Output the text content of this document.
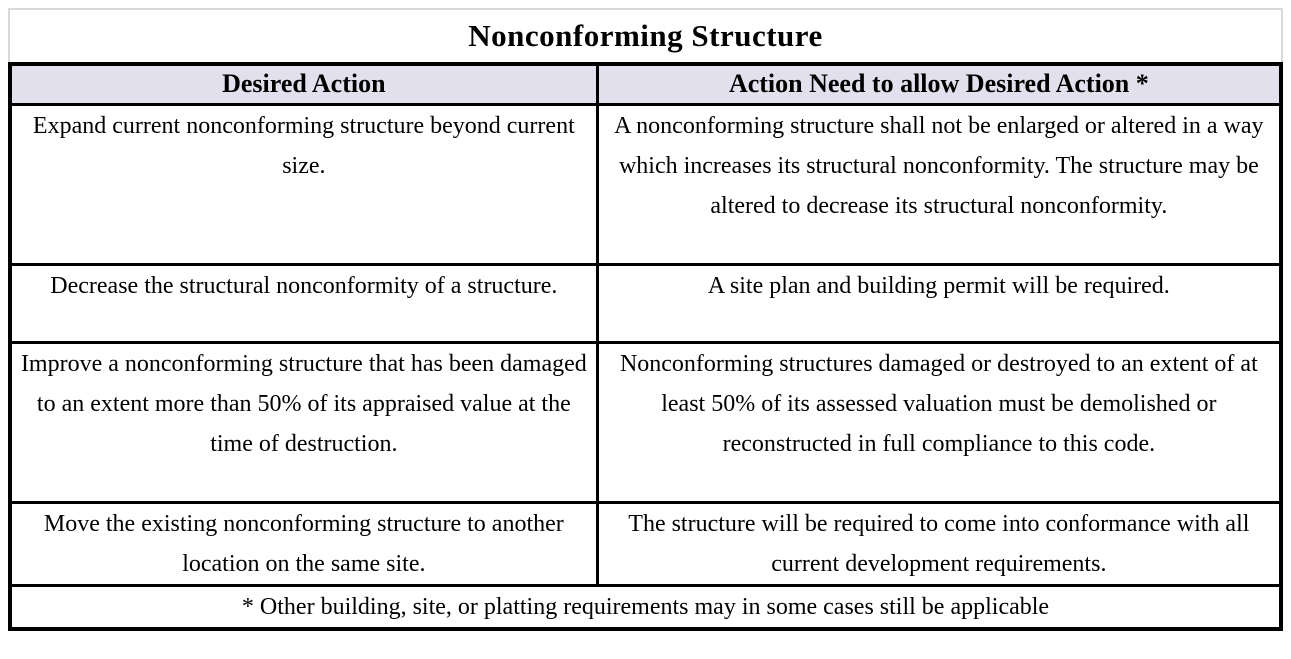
Nonconforming Structure
Desired Action	Action Need to allow Desired Action *
Expand current nonconforming structure beyond current size.	A nonconforming structure shall not be enlarged or altered in a way which increases its structural nonconformity. The structure may be altered to decrease its structural nonconformity.
Decrease the structural nonconformity of a structure.	A site plan and building permit will be required.
Improve a nonconforming structure that has been damaged to an extent more than 50% of its appraised value at the time of destruction.	Nonconforming structures damaged or destroyed to an extent of at least 50% of its assessed valuation must be demolished or reconstructed in full compliance to this code.
Move the existing nonconforming structure to another location on the same site.	The structure will be required to come into conformance with all current development requirements.
* Other building, site, or platting requirements may in some cases still be applicable	
